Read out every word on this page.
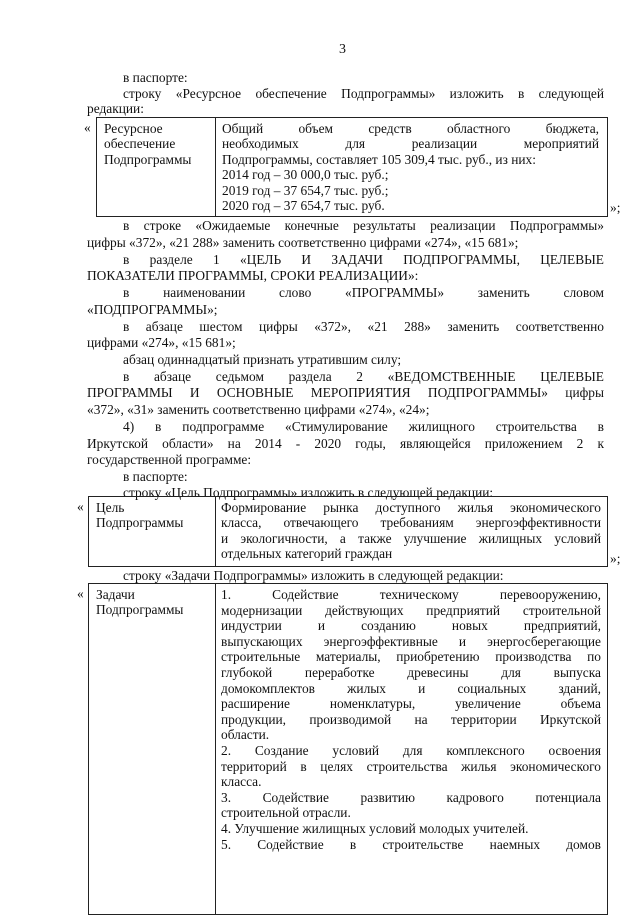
3
в паспорте:
строку «Ресурсное обеспечение Подпрограммы» изложить в следующей
редакции:
« Ресурсное
обеспечение
Подпрограммы
Общий объем средств областного бюджета,
необходимых для реализации мероприятий
Подпрограммы, составляет 105 309,4 тыс. руб., из них:
2014 год – 30 000,0 тыс. руб.;
2019 год – 37 654,7 тыс. руб.;
2020 год – 37 654,7 тыс. руб.	»;
в строке «Ожидаемые конечные результаты реализации Подпрограммы»
цифры «372», «21 288» заменить соответственно цифрами «274», «15 681»;
в разделе 1 «ЦЕЛЬ И ЗАДАЧИ ПОДПРОГРАММЫ, ЦЕЛЕВЫЕ
ПОКАЗАТЕЛИ ПРОГРАММЫ, СРОКИ РЕАЛИЗАЦИИ»:
в наименовании слово «ПРОГРАММЫ» заменить словом
«ПОДПРОГРАММЫ»;
в абзаце шестом цифры «372», «21 288» заменить соответственно
цифрами «274», «15 681»;
абзац одиннадцатый признать утратившим силу;
в абзаце седьмом раздела 2 «ВЕДОМСТВЕННЫЕ ЦЕЛЕВЫЕ
ПРОГРАММЫ И ОСНОВНЫЕ МЕРОПРИЯТИЯ ПОДПРОГРАММЫ» цифры
«372», «31» заменить соответственно цифрами «274», «24»;
4) в подпрограмме «Стимулирование жилищного строительства в
Иркутской области» на 2014 - 2020 годы, являющейся приложением 2 к
государственной программе:
в паспорте:
строку «Цель Подпрограммы» изложить в следующей редакции:
« Цель
Подпрограммы
Формирование рынка доступного жилья экономического
класса, отвечающего требованиям энергоэффективности
и экологичности, а также улучшение жилищных условий
отдельных категорий граждан	»;
строку «Задачи Подпрограммы» изложить в следующей редакции:
« Задачи
Подпрограммы
1. Содействие техническому перевооружению,
модернизации действующих предприятий строительной
индустрии и созданию новых предприятий,
выпускающих энергоэффективные и энергосберегающие
строительные материалы, приобретению производства по
глубокой переработке древесины для выпуска
домокомплектов жилых и социальных зданий,
расширение номенклатуры, увеличение объема
продукции, производимой на территории Иркутской
области.
2. Создание условий для комплексного освоения
территорий в целях строительства жилья экономического
класса.
3. Содействие развитию кадрового потенциала
строительной отрасли.
4. Улучшение жилищных условий молодых учителей.
5. Содействие в строительстве наемных домов
